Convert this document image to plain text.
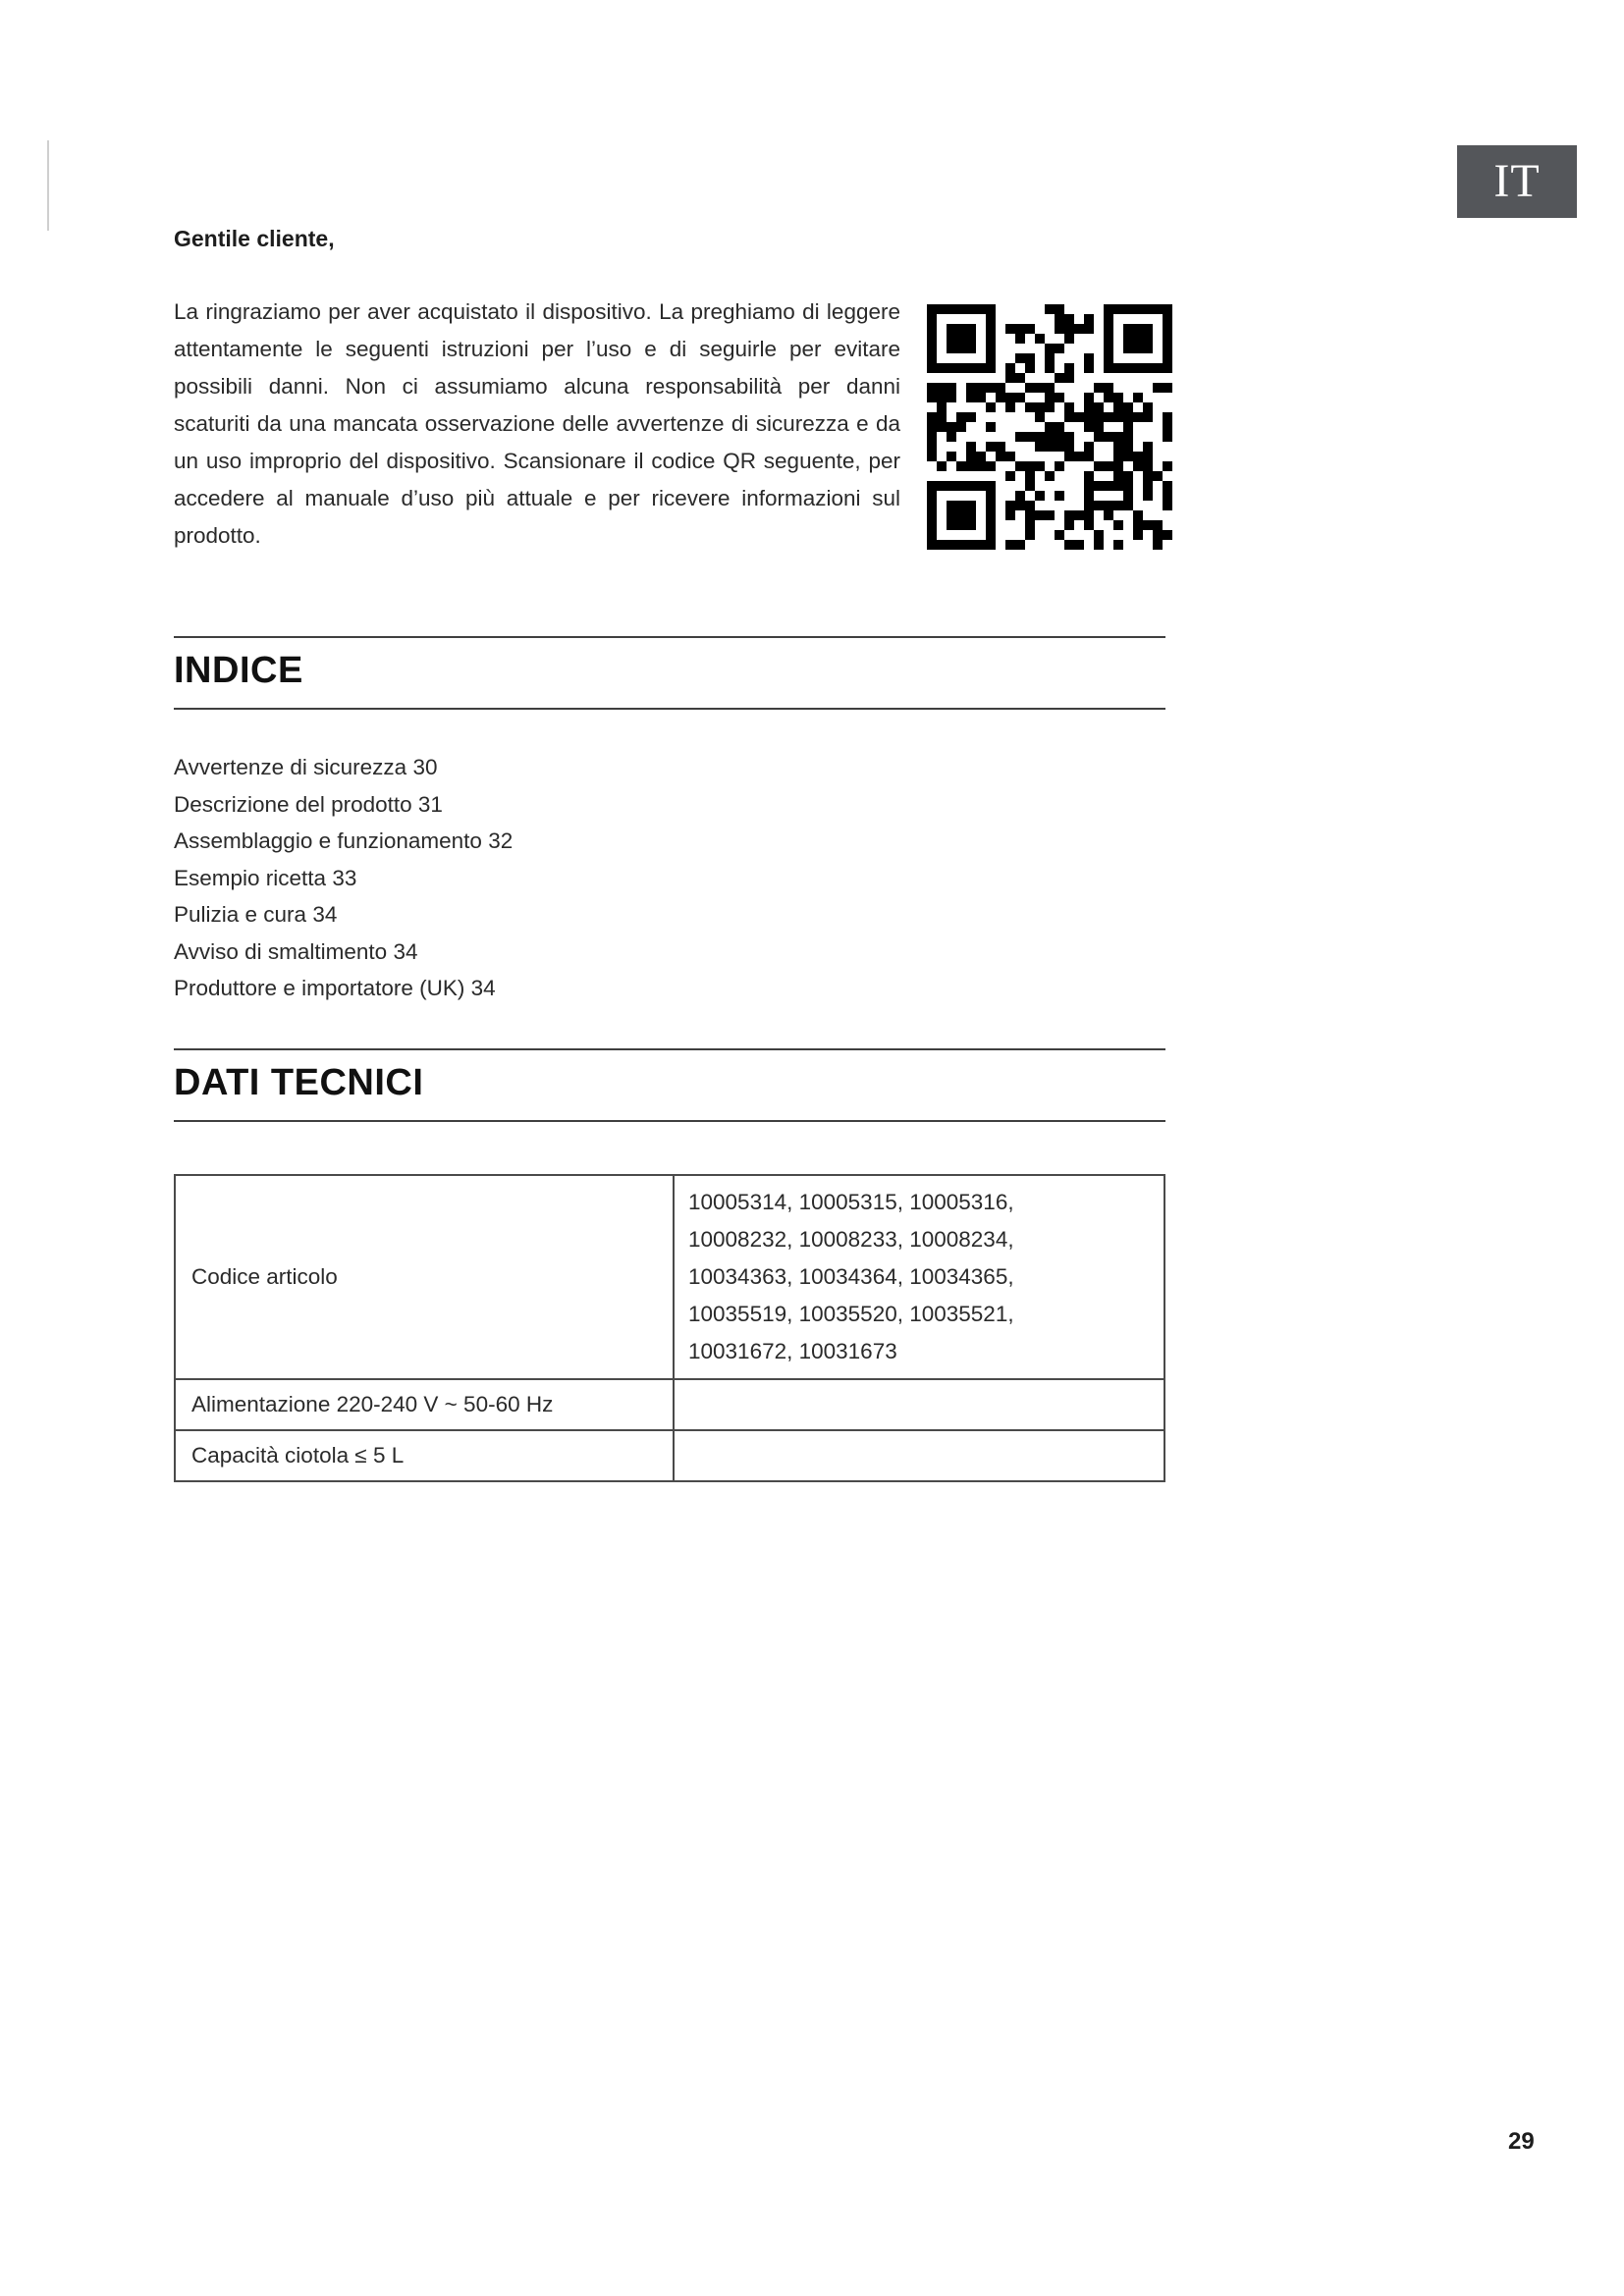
IT
Gentile cliente,

La ringraziamo per aver acquistato il dispositivo. La preghiamo di leggere attentamente le seguenti istruzioni per l’uso e di seguirle per evitare possibili danni. Non ci assumiamo alcuna responsabilità per danni scaturiti da una mancata osservazione delle avvertenze di sicurezza e da un uso improprio del dispositivo. Scansionare il codice QR seguente, per accedere al manuale d’uso più attuale e per ricevere informazioni sul prodotto.

INDICE
Avvertenze di sicurezza 30
Descrizione del prodotto 31
Assemblaggio e funzionamento 32
Esempio ricetta 33
Pulizia e cura 34
Avviso di smaltimento 34
Produttore e importatore (UK) 34
DATI TECNICI
Codice articolo
10005314, 10005315, 10005316,
10008232, 10008233, 10008234,
10034363, 10034364, 10034365,
10035519, 10035520, 10035521,
10031672, 10031673
Alimentazione 220-240 V ~ 50-60 Hz
Capacità ciotola ≤ 5 L
29
